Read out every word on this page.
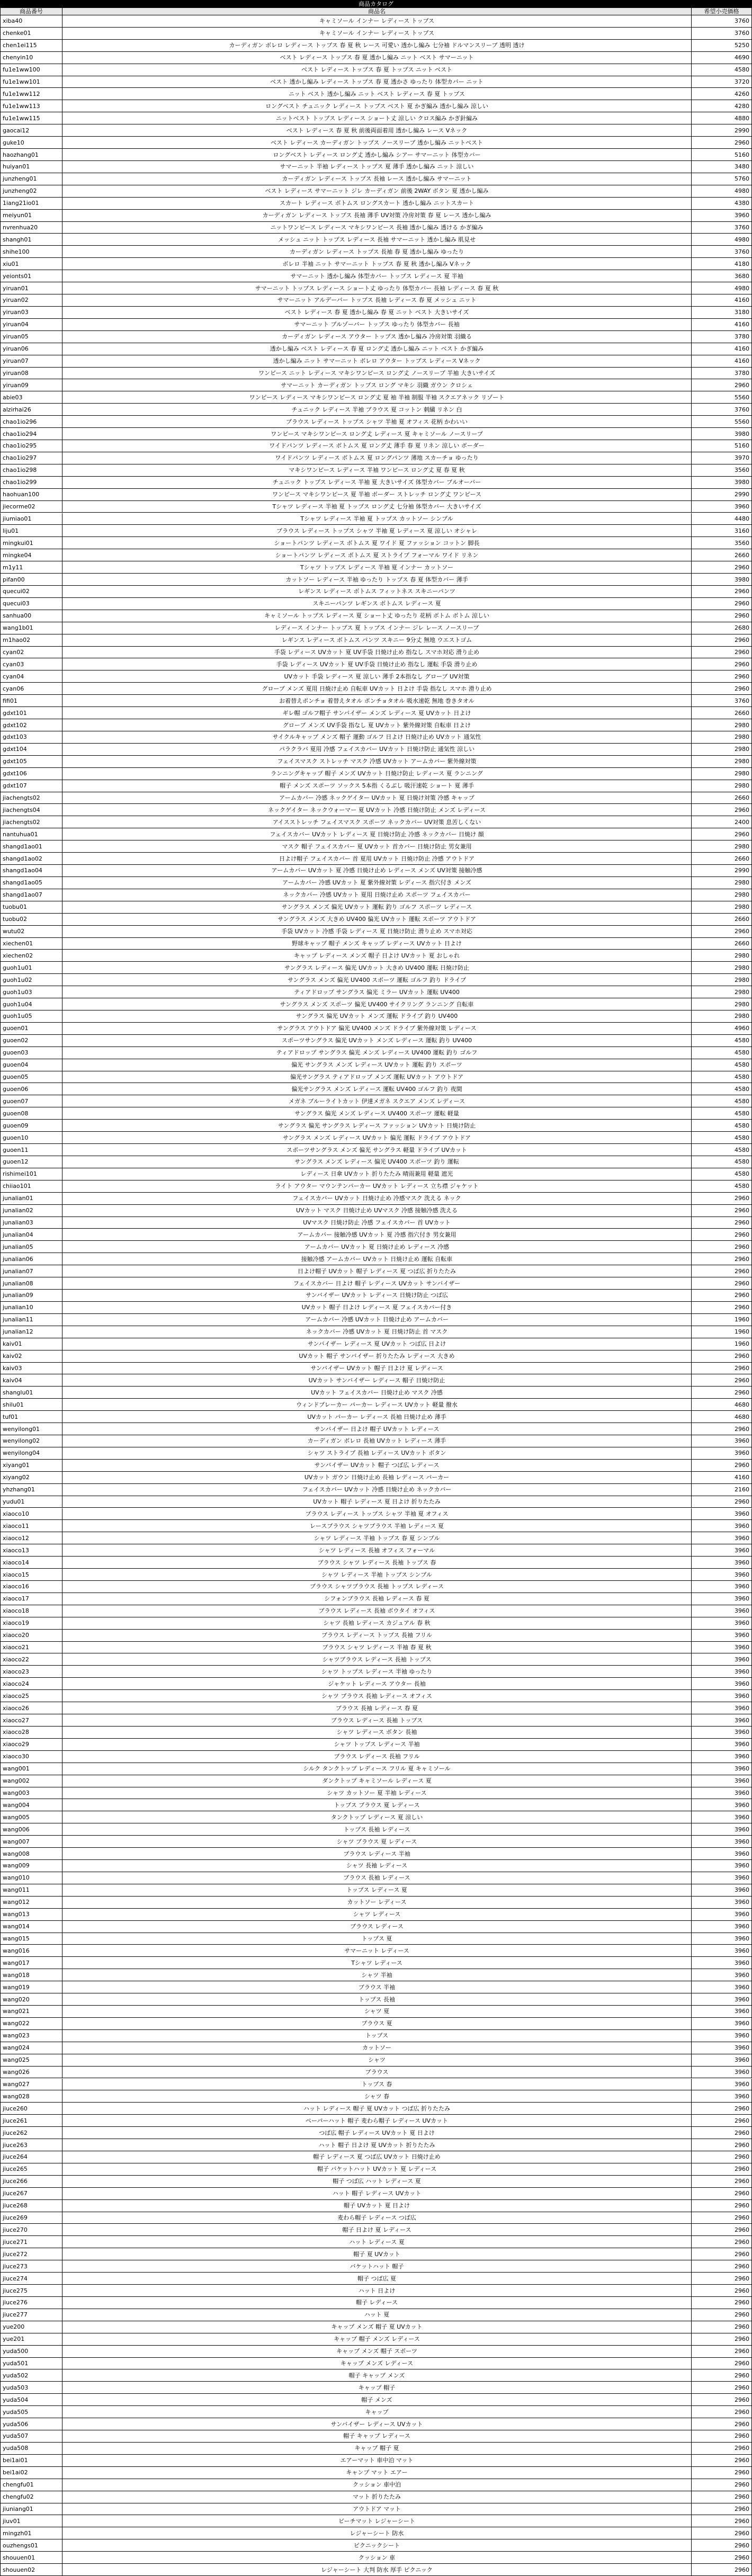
商品カタログ
商品番号	商品名	希望小売価格
xiba40	キャミソール インナー レディース トップス	3760
chenke01	キャミソール インナー レディース トップス	3760
chen1ei115	カーディガン ボレロ レディース トップス 春 夏 秋 レース 可愛い 透かし編み 七分袖 ドルマンスリーブ 透明 透け	5250
chenyin10	ベスト レディース トップス 春 夏 透かし編み ニット ベスト サマーニット	4690
fu1e1ww100	ベスト レディース トップス 春 夏 トップス ニット ベスト	4580
fu1e1ww101	ベスト 透かし編み レディース トップス 春 夏 透かさ ゆったり 体型カバー ニット	3720
fu1e1ww112	ニット ベスト 透かし編み ニット ベスト レディース 春 夏 トップス	4260
fu1e1ww113	ロングベスト チュニック レディース トップス ベスト 夏 かぎ編み 透かし編み 涼しい	4280
fu1e1ww115	ニットベスト トップス レディース ショート丈 涼しい クロス編み かぎ針編み	4880
gaocai12	ベスト レディース 春 夏 秋 前後両面着用 透かし編み レース Vネック	2990
guke10	ベスト レディース カーディガン トップス ノースリーブ 透かし編み ニットベスト	2960
haozhang01	ロングベスト レディース ロング丈 透かし編み シアー サマーニット 体型カバー	5160
huiyan01	サマーニット 半袖 レディース トップス 夏 薄手 透かし編み ニット 涼しい	3480
junzheng01	カーディガン レディース トップス 長袖 レース 透かし編み サマーニット	5760
junzheng02	ベスト レディース サマーニット ジレ カーディガン 前後 2WAY ボタン 夏 透かし編み	4980
1iang21io01	スカート レディース ボトムス ロングスカート 透かし編み ニットスカート	4380
meiyun01	カーディガン レディース トップス 長袖 薄手 UV対策 冷房対策 春 夏 レース 透かし編み	3960
nvrenhua20	ニットワンピース レディース マキシワンピース 長袖 透かし編み 透ける かぎ編み	3760
shangh01	メッシュ ニット トップス レディース 長袖 サマーニット 透かし編み 肌見せ	4980
shihe100	カーディガン レディース トップス 長袖 春 夏 透かし編み ゆったり	3760
xiu01	ボレロ 半袖 ニット サマーニット トップス 春 夏 秋 透かし編み Vネック	4180
yeionts01	サマーニット 透かし編み 体型カバー トップス レディース 夏 半袖	3680
yiruan01	サマーニット トップス レディース ショート丈 ゆったり 体型カバー 長袖 レディース 春 夏 秋	4980
yiruan02	サマーニット アルデーバー トップス 長袖 レディース 春 夏 メッシュ ニット	4160
yiruan03	ベスト レディース 春 夏 透かし編み 春 夏 ニット ベスト 大きいサイズ	3180
yiruan04	サマーニット ブルゾーバー トップス ゆったり 体型カバー 長袖	4160
yiruan05	カーディガン レディース アウター トップス 透かし編み 冷房対策 羽織る	3780
yiruan06	透かし編み ベスト レディース 春 夏 ロング丈 透かし編み ニット ベスト かぎ編み	4160
yiruan07	透かし編み ニット サマーニット ボレロ アウター トップス レディース Vネック	4160
yiruan08	ワンピース ニット レディース マキシワンピース ロング丈 ノースリーブ 半袖 大きいサイズ	3780
yiruan09	サマーニット カーディガン トップス ロング マキシ 羽織 ガウン クロシェ	2960
abie03	ワンピース レディース マキシワンピース ロング丈 夏 袖 半袖 制服 半袖 スクエアネック リゾート	5560
alzirhai26	チュニック レディース 半袖 ブラウス 夏 コットン 刺繍 リネン 白	3760
chao1io296	ブラウス レディース トップス シャツ 半袖 夏 オフィス 花柄 かわいい	5560
chao1io294	ワンピース マキシワンピース ロング丈 レディース 夏 キャミソール ノースリーブ	3980
chao1io295	ワイドパンツ レディース ボトムス 夏 ロング丈 薄手 春 夏 リネン 涼しい ボーダー	5160
chao1io297	ワイドパンツ レディース ボトムス 夏 ロングパンツ 薄地 スカーチョ ゆったり	3970
chao1io298	マキシワンピース レディース 半袖 ワンピース ロング丈 夏 春 夏 秋	3560
chao1io299	チュニック トップス レディース 半袖 夏 大きいサイズ 体型カバー ブルオーバー	3980
haohuan100	ワンピース マキシワンピース 夏 半袖 ボーダー ストレッチ ロング丈 ワンピース	2990
jiecorme02	Tシャツ レディース 半袖 夏 トップス ロング丈 七分袖 体型カバー 大きいサイズ	3960
jiumiao01	Tシャツ レディース 半袖 夏 トップス カットソー シンプル	4480
liju01	ブラウス レディース トップス シャツ 半袖 夏 レディース 夏 涼しい オシャレ	3160
mingkui01	ショートパンツ レディース ボトムス 夏 ワイド 夏 ファッション コットン 脚長	3560
mingke04	ショートパンツ レディース ボトムス 夏 ストライプ フォーマル ワイド リネン	2660
m1y11	Tシャツ トップス レディース 半袖 夏 インナー カットソー	2960
pifan00	カットソー レディース 半袖 ゆったり トップス 春 夏 体型カバー 薄手	3980
quecui02	レギンス レディース ボトムス フィットネス スキニーパンツ	2960
quecui03	スキニーパンツ レギンス ボトムス レディース 夏	2960
sanhua00	キャミソール トップス レディース 夏 ショート丈 ゆったり 花柄 ボトム ボトム 涼しい	2960
wang1b01	レディース インナー トップス 夏 トップス インナー ジレ レース ノースリーブ	2680
m1hao02	レギンス レディース ボトムス パンツ スキニー 9分丈 無地 ウエストゴム	2960
cyan02	手袋 レディース UVカット 夏 UV手袋 日焼け止め 指なし スマホ対応 滑り止め	2960
cyan03	手袋 レディース UVカット 夏 UV手袋 日焼け止め 指なし 運転 手袋 滑り止め	2960
cyan04	UVカット 手袋 レディース 夏 涼しい 薄手 2本指なし グローブ UV対策	2960
cyan06	グローブ メンズ 夏用 日焼け止め 自転車 UVカット 日よけ 手袋 指なし スマホ 滑り止め	2960
fifi01	お着替えポンチョ 着替えタオル ポンチョタオル 吸水速乾 無地 巻きタオル	3760
gdxt101	ギレ帽 ゴルフ帽子 サンバイザー メンズ レディース 夏 UVカット 日よけ	2660
gdxt102	グローブ メンズ UV手袋 指なし 夏 UVカット 紫外線対策 自転車 日よけ	2980
gdxt103	サイクルキャップ メンズ 帽子 運動 ゴルフ 日よけ 日焼け止め UVカット 通気性	2980
gdxt104	パラクラバ 夏用 冷感 フェイスカバー UVカット 日焼け防止 通気性 涼しい	2980
gdxt105	フェイスマスク ストレッチ マスク 冷感 UVカット アームカバー 紫外線対策	2980
gdxt106	ランニングキャップ 帽子 メンズ UVカット 日焼け防止 レディース 夏 ランニング	2980
gdxt107	帽子 メンズ スポーツ ソックス 5本指 くるぶし 吸汗速乾 ショート 夏 薄手	2980
jiachengts02	アームカバー 冷感 ネックゲイター UVカット 夏 日焼け対策 冷感 キャップ	2660
jiachengts04	ネックゲイター ネックウォーマー 夏 UVカット 冷感 日焼け防止 メンズ レディース	2960
jiachengts02	アイスストレッチ フェイスマスク スポーツ ネックカバー UV対策 息苦しくない	2400
nantuhua01	フェイスカバー UVカット レディース 夏 日焼け防止 冷感 ネックカバー 日焼け 顔	2960
shangd1ao01	マスク 帽子 フェイスカバー 夏 UVカット 首カバー 日焼け防止 男女兼用	2980
shangd1ao02	日よけ帽子 フェイスカバー 首 夏用 UVカット 日焼け防止 冷感 アウトドア	2660
shangd1ao04	アームカバー UVカット 夏 冷感 日焼け止め レディース メンズ UV対策 接触冷感	2990
shangd1ao05	アームカバー 冷感 UVカット 夏 紫外線対策 レディース 指穴付き メンズ	2980
shangd1ao07	ネックカバー 冷感 UVカット 夏用 日焼け止め スポーツ フェイスカバー	2980
tuobu01	サングラス メンズ 偏光 UVカット 運転 釣り ゴルフ スポーツ レディース	2980
tuobu02	サングラス メンズ 大きめ UV400 偏光 UVカット 運転 スポーツ アウトドア	2660
wutu02	手袋 UVカット 冷感 手袋 レディース 夏 日焼け防止 滑り止め スマホ対応	2960
xiechen01	野球キャップ 帽子 メンズ キャップ レディース UVカット 日よけ	2660
xiechen02	キャップ レディース メンズ 帽子 日よけ UVカット 夏 おしゃれ	2980
guoh1u01	サングラス レディース 偏光 UVカット 大きめ UV400 運転 日焼け防止	2980
guoh1u02	サングラス メンズ 偏光 UV400 スポーツ 運転 ゴルフ 釣り ドライブ	2980
guoh1u03	ティアドロップ サングラス 偏光 ミラー UVカット 運転 UV400	2980
guoh1u04	サングラス メンズ スポーツ 偏光 UV400 サイクリング ランニング 自転車	2980
guoh1u05	サングラス 偏光 UVカット メンズ 運転 ドライブ 釣り UV400	2980
guoen01	サングラス アウトドア 偏光 UV400 メンズ ドライブ 紫外線対策 レディース	4960
guoen02	スポーツサングラス 偏光 UVカット メンズ レディース 運転 釣り UV400	4580
guoen03	ティアドロップ サングラス 偏光 メンズ レディース UV400 運転 釣り ゴルフ	4580
guoen04	偏光 サングラス メンズ レディース UVカット 運転 釣り スポーツ	4580
guoen05	偏光サングラス ティアドロップ メンズ 運転 UVカット アウトドア	4580
guoen06	偏光サングラス メンズ レディース 運転 UV400 ゴルフ 釣り 夜間	4580
guoen07	メガネ ブルーライトカット 伊達メガネ スクエア メンズ レディース	4580
guoen08	サングラス 偏光 メンズ レディース UV400 スポーツ 運転 軽量	4580
guoen09	サングラス 偏光 サングラス レディース ファッション UVカット 日焼け防止	4580
guoen10	サングラス メンズ レディース UVカット 偏光 運転 ドライブ アウトドア	4580
guoen11	スポーツサングラス メンズ 偏光 サングラス 軽量 ドライブ UVカット	4580
guoen12	サングラス メンズ レディース 偏光 UV400 スポーツ 釣り 運転	4580
rishimei101	レディース 日傘 UVカット 折りたたみ 晴雨兼用 軽量 遮光	4580
chiiao101	ライト アウター マウンテンパーカー UVカット レディース 立ち襟 ジャケット	4580
junalian01	フェイスカバー UVカット 日焼け止め 冷感マスク 洗える ネック	2960
junalian02	UVカット マスク 日焼け止め UVマスク 冷感 接触冷感 洗える	2960
junalian03	UVマスク 日焼け防止 冷感 フェイスカバー 首 UVカット	2960
junalian04	アームカバー 接触冷感 UVカット 夏 冷感 指穴付き 男女兼用	2960
junalian05	アームカバー UVカット 夏 日焼け止め レディース 冷感	2960
junalian06	接触冷感 アームカバー UVカット 日焼け止め 運転 自転車	2960
junalian07	日よけ帽子 UVカット 帽子 レディース 夏 つば広 折りたたみ	2960
junalian08	フェイスカバー 日よけ 帽子 レディース UVカット サンバイザー	2960
junalian09	サンバイザー UVカット レディース 日焼け防止 つば広	2960
junalian10	UVカット 帽子 日よけ レディース 夏 フェイスカバー付き	2960
junalian11	アームカバー 冷感 UVカット 日焼け止め アームカバー	1960
junalian12	ネックカバー 冷感 UVカット 夏 日焼け防止 首 マスク	1960
kaiv01	サンバイザー レディース 夏 UVカット つば広 日よけ	1960
kaiv02	UVカット 帽子 サンバイザー 折りたたみ レディース 大きめ	2960
kaiv03	サンバイザー UVカット 帽子 日よけ 夏 レディース	2960
kaiv04	UVカット サンバイザー レディース 帽子 日焼け防止	2960
shanglu01	UVカット フェイスカバー 日焼け止め マスク 冷感	2960
shilu01	ウィンドブレーカー パーカー レディース UVカット 軽量 撥水	4680
tuf01	UVカット パーカー レディース 長袖 日焼け止め 薄手	4680
wenyilong01	サンバイザー 日よけ 帽子 UVカット レディース	2960
wenyilong02	カーディガン ボレロ 長袖 UVカット レディース 薄手	3960
wenyilong04	シャツ ストライプ 長袖 レディース UVカット ボタン	3960
xiyang01	サンバイザー UVカット 帽子 つば広 レディース	2960
xiyang02	UVカット ガウン 日焼け止め 長袖 レディース パーカー	4160
yhzhang01	フェイスカバー UVカット 冷感 日焼け止め ネックカバー	2160
yudu01	UVカット 帽子 レディース 夏 日よけ 折りたたみ	2960
xiaoco10	ブラウス レディース トップス シャツ 半袖 夏 オフィス	3960
xiaoco11	レースブラウス シャツブラウス 半袖 レディース 夏	3960
xiaoco12	シャツ レディース 半袖 トップス 春 夏 シンプル	3960
xiaoco13	シャツ レディース 長袖 オフィス フォーマル	3960
xiaoco14	ブラウス シャツ レディース 長袖 トップス 春	3960
xiaoco15	シャツ レディース 半袖 トップス シンプル	3960
xiaoco16	ブラウス シャツブラウス 長袖 トップス レディース	3960
xiaoco17	シフォンブラウス 長袖 レディース 春 夏	3960
xiaoco18	ブラウス レディース 長袖 ボウタイ オフィス	3960
xiaoco19	シャツ 長袖 レディース カジュアル 春 秋	3960
xiaoco20	ブラウス レディース トップス 長袖 フリル	3960
xiaoco21	ブラウス シャツ レディース 半袖 春 夏 秋	3960
xiaoco22	シャツブラウス レディース 長袖 トップス	3960
xiaoco23	シャツ トップス レディース 半袖 ゆったり	3960
xiaoco24	ジャケット レディース アウター 長袖	3960
xiaoco25	シャツ ブラウス 長袖 レディース オフィス	3960
xiaoco26	ブラウス 長袖 レディース 春 夏	3960
xiaoco27	ブラウス レディース 長袖 トップス	3960
xiaoco28	シャツ レディース ボタン 長袖	3960
xiaoco29	シャツ トップス レディース 半袖	3960
xiaoco30	ブラウス レディース 長袖 フリル	3960
wang001	シルク タンクトップ レディース フリル 夏 キャミソール	3960
wang002	ダンクトップ キャミソール レディース 夏	3960
wang003	シャツ カットソー 夏 半袖 レディース	3960
wang004	トップス ブラウス 夏 レディース	3960
wang005	タンクトップ レディース 夏 涼しい	3960
wang006	トップス 長袖 レディース	3960
wang007	シャツ ブラウス 夏 レディース	3960
wang008	ブラウス レディース 半袖	3960
wang009	シャツ 長袖 レディース	3960
wang010	ブラウス 長袖 レディース	3960
wang011	トップス レディース 夏	3960
wang012	カットソー レディース	3960
wang013	シャツ レディース	3960
wang014	ブラウス レディース	3960
wang015	トップス 夏	3960
wang016	サマーニット レディース	3960
wang017	Tシャツ レディース	3960
wang018	シャツ 半袖	3960
wang019	ブラウス 半袖	3960
wang020	トップス 長袖	3960
wang021	シャツ 夏	3960
wang022	ブラウス 夏	3960
wang023	トップス	3960
wang024	カットソー	3960
wang025	シャツ	3960
wang026	ブラウス	3960
wang027	トップス 春	3960
wang028	シャツ 春	3960
jiuce260	ハット レディース 帽子 夏 UVカット つば広 折りたたみ	2960
jiuce261	ペーパーハット 帽子 麦わら帽子 レディース UVカット	2960
jiuce262	つば広 帽子 レディース UVカット 夏 日よけ	2960
jiuce263	ハット 帽子 日よけ 夏 UVカット 折りたたみ	2960
jiuce264	帽子 レディース 夏 つば広 UVカット 日焼け止め	2960
jiuce265	帽子 バケットハット UVカット 夏 レディース	2960
jiuce266	帽子 つば広 ハット レディース 夏	2960
jiuce267	ハット 帽子 レディース UVカット	2960
jiuce268	帽子 UVカット 夏 日よけ	2960
jiuce269	麦わら帽子 レディース つば広	2960
jiuce270	帽子 日よけ 夏 レディース	2960
jiuce271	ハット レディース 夏	2960
jiuce272	帽子 夏 UVカット	2960
jiuce273	バケットハット 帽子	2960
jiuce274	帽子 つば広 夏	2960
jiuce275	ハット 日よけ	2960
jiuce276	帽子 レディース	2960
jiuce277	ハット 夏	2960
yue200	キャップ メンズ 帽子 夏 UVカット	2960
yue201	キャップ 帽子 メンズ レディース	2960
yuda500	キャップ メンズ 帽子 スポーツ	2960
yuda501	キャップ メンズ レディース	2960
yuda502	帽子 キャップ メンズ	2960
yuda503	キャップ 帽子	2960
yuda504	帽子 メンズ	2960
yuda505	キャップ	2960
yuda506	サンバイザー レディース UVカット	2960
yuda507	帽子 キャップ レディース	2960
yuda508	キャップ 帽子 夏	2960
bei1ai01	エアーマット 車中泊 マット	2960
bei1ai02	キャンプ マット エアー	2960
chengfu01	クッション 車中泊	2960
chengfu02	マット 折りたたみ	2960
jiuniang01	アウトドア マット	2960
jiuv01	ビーチマット レジャーシート	2960
mingzh01	レジャーシート 防水	2960
ouzhengs01	ピクニックシート	2960
shouuen01	クッション 車	2960
shouuen02	レジャーシート 大判 防水 厚手 ピクニック	2960
